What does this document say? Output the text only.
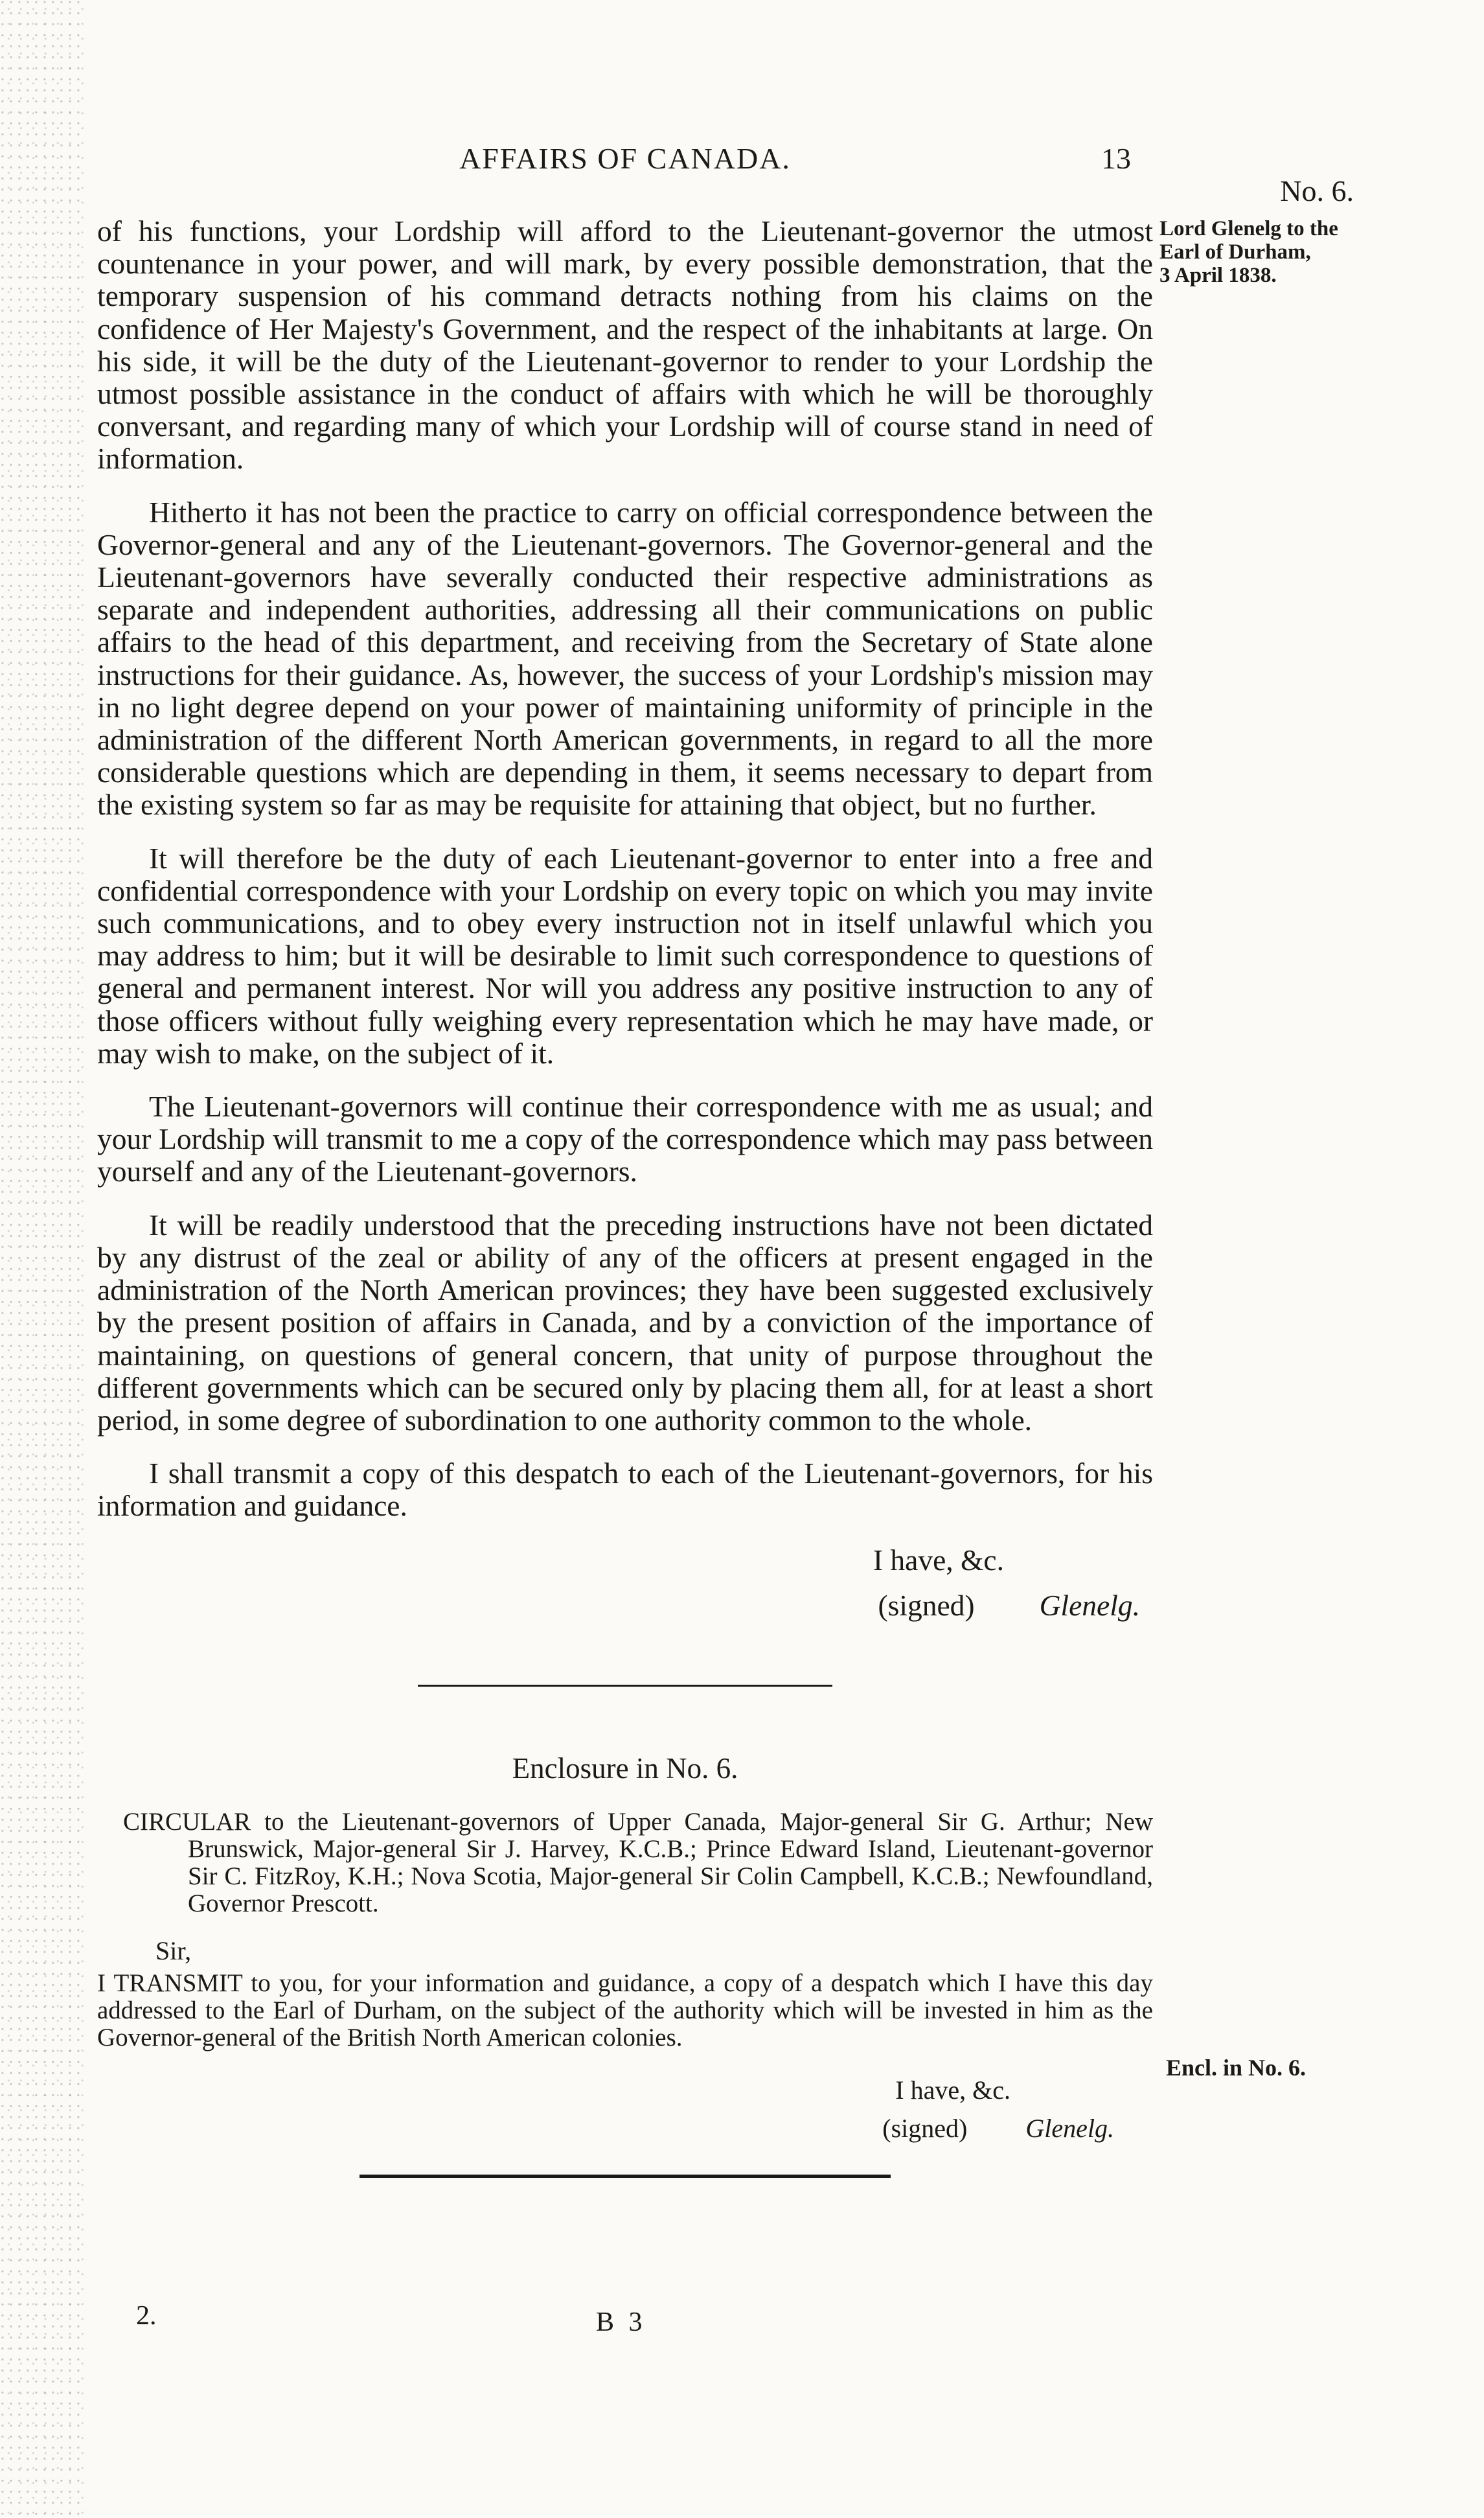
AFFAIRS OF CANADA.	13
No. 6.
Lord Glenelg to the
Earl of Durham,
3 April 1838.

of his functions, your Lordship will afford to the Lieutenant-governor the utmost countenance in your power, and will mark, by every possible demonstration, that the temporary suspension of his command detracts nothing from his claims on the confidence of Her Majesty's Government, and the respect of the inhabitants at large. On his side, it will be the duty of the Lieutenant-governor to render to your Lordship the utmost possible assistance in the conduct of affairs with which he will be thoroughly conversant, and regarding many of which your Lordship will of course stand in need of information.

Hitherto it has not been the practice to carry on official correspondence between the Governor-general and any of the Lieutenant-governors. The Governor-general and the Lieutenant-governors have severally conducted their respective administrations as separate and independent authorities, addressing all their communications on public affairs to the head of this department, and receiving from the Secretary of State alone instructions for their guidance. As, however, the success of your Lordship's mission may in no light degree depend on your power of maintaining uniformity of principle in the administration of the different North American governments, in regard to all the more considerable questions which are depending in them, it seems necessary to depart from the existing system so far as may be requisite for attaining that object, but no further.

It will therefore be the duty of each Lieutenant-governor to enter into a free and confidential correspondence with your Lordship on every topic on which you may invite such communications, and to obey every instruction not in itself unlawful which you may address to him; but it will be desirable to limit such correspondence to questions of general and permanent interest. Nor will you address any positive instruction to any of those officers without fully weighing every representation which he may have made, or may wish to make, on the subject of it.

The Lieutenant-governors will continue their correspondence with me as usual; and your Lordship will transmit to me a copy of the correspondence which may pass between yourself and any of the Lieutenant-governors.

It will be readily understood that the preceding instructions have not been dictated by any distrust of the zeal or ability of any of the officers at present engaged in the administration of the North American provinces; they have been suggested exclusively by the present position of affairs in Canada, and by a conviction of the importance of maintaining, on questions of general concern, that unity of purpose throughout the different governments which can be secured only by placing them all, for at least a short period, in some degree of subordination to one authority common to the whole.

I shall transmit a copy of this despatch to each of the Lieutenant-governors, for his information and guidance.

I have, &c.
(signed) Glenelg.
Enclosure in No. 6.
CIRCULAR to the Lieutenant-governors of Upper Canada, Major-general Sir G. Arthur; New Brunswick, Major-general Sir J. Harvey, K.C.B.; Prince Edward Island, Lieutenant-governor Sir C. FitzRoy, K.H.; Nova Scotia, Major-general Sir Colin Campbell, K.C.B.; Newfoundland, Governor Prescott.
Sir,

I TRANSMIT to you, for your information and guidance, a copy of a despatch which I have this day addressed to the Earl of Durham, on the subject of the authority which will be invested in him as the Governor-general of the British North American colonies.

I have, &c.
(signed) Glenelg.
Encl. in No. 6.
2.	B 3
